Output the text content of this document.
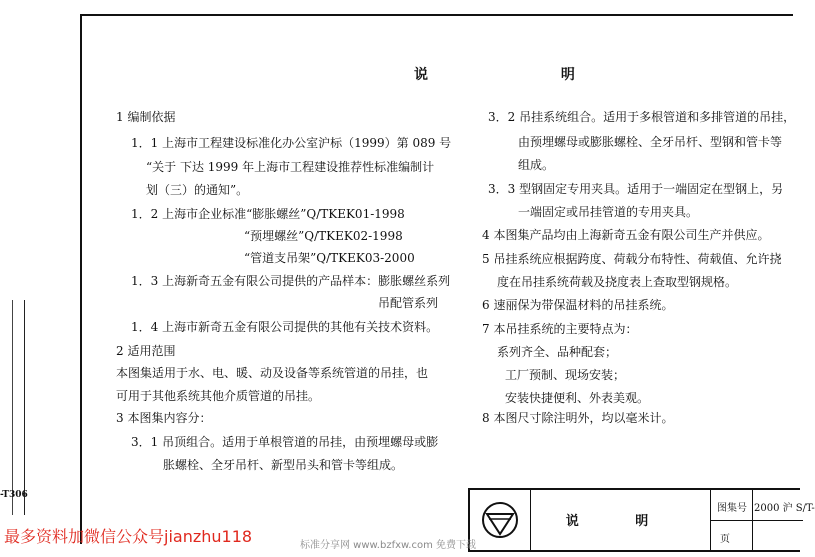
说 明
1 编制依据
1．1 上海市工程建设标准化办公室沪标（1999）第 089 号
“关于 下达 1999 年上海市工程建设推荐性标准编制计
划（三）的通知”。
1．2 上海市企业标准“膨胀螺丝”Q/TKEK01-1998
“预埋螺丝”Q/TKEK02-1998
“管道支吊架”Q/TKEK03-2000
1．3 上海新奇五金有限公司提供的产品样本：膨胀螺丝系列
吊配管系列
1．4 上海市新奇五金有限公司提供的其他有关技术资料。
2 适用范围
本图集适用于水、电、暖、动及设备等系统管道的吊挂，也
可用于其他系统其他介质管道的吊挂。
3 本图集内容分：
3．1 吊顶组合。适用于单根管道的吊挂，由预埋螺母或膨
胀螺栓、全牙吊杆、新型吊头和管卡等组成。
3．2 吊挂系统组合。适用于多根管道和多排管道的吊挂，
由预埋螺母或膨胀螺栓、全牙吊杆、型钢和管卡等
组成。
3．3 型钢固定专用夹具。适用于一端固定在型钢上，另
一端固定或吊挂管道的专用夹具。
4 本图集产品均由上海新奇五金有限公司生产并供应。
5 吊挂系统应根据跨度、荷载分布特性、荷载值、允许挠
度在吊挂系统荷载及挠度表上查取型钢规格。
6 速丽保为带保温材料的吊挂系统。
7 本吊挂系统的主要特点为：
系列齐全、品种配套；
工厂预制、现场安装；
安装快捷便利、外表美观。
8 本图尺寸除注明外，均以毫米计。
说 明
图集号
页
2000 沪 S/T-
-T306
最多资料加微信公众号jianzhu118	标准分享网 www.bzfxw.com 免费下载
